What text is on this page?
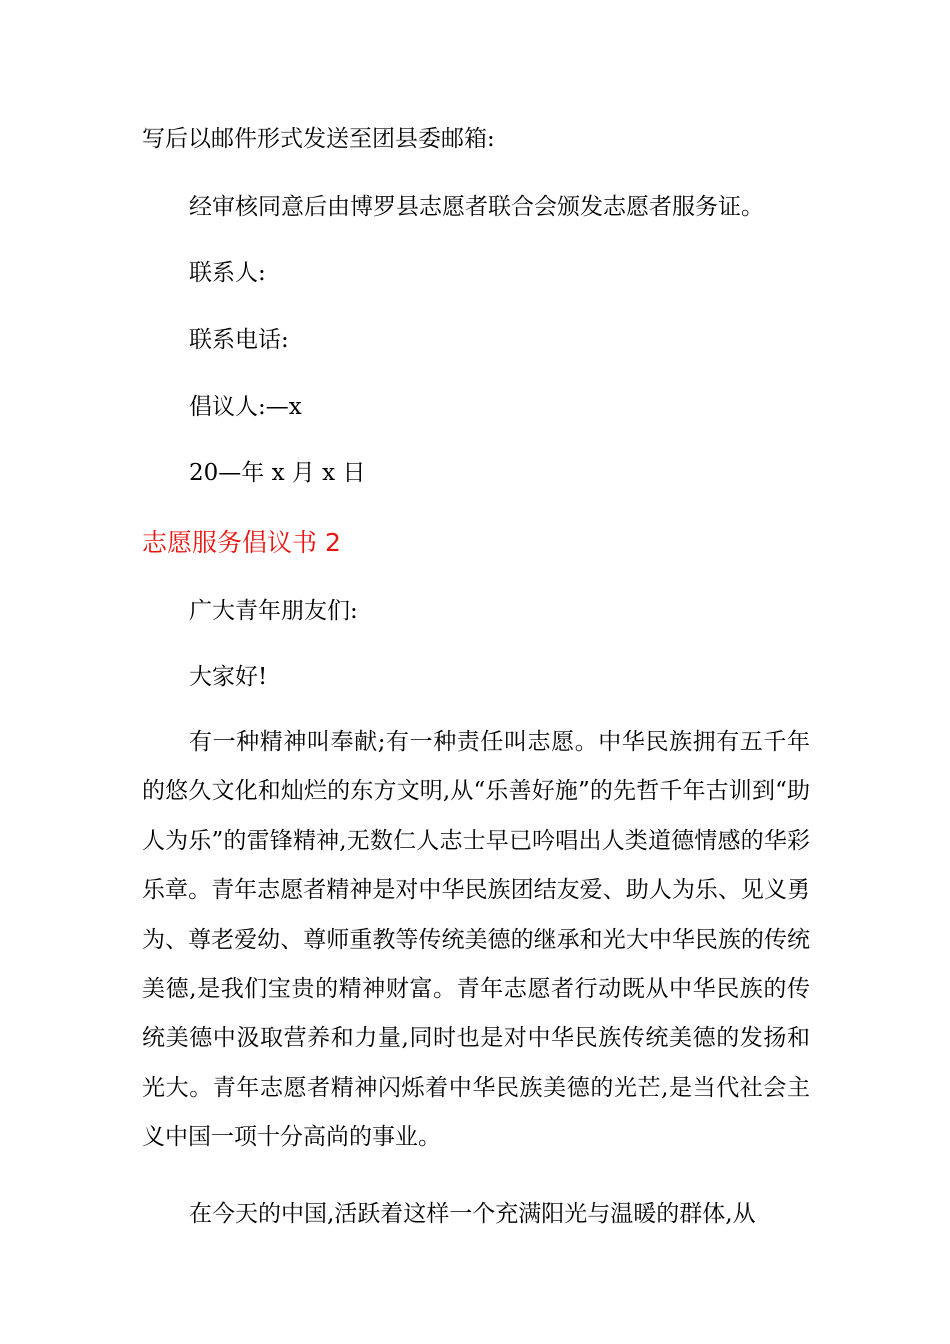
写后以邮件形式发送至团县委邮箱:
经审核同意后由博罗县志愿者联合会颁发志愿者服务证。
联系人:
联系电话:
倡议人:—x
20—年 x 月 x 日
志愿服务倡议书 2
广大青年朋友们:
大家好!

有一种精神叫奉献;有一种责任叫志愿。中华民族拥有五千年的悠久文化和灿烂的东方文明,从“乐善好施”的先哲千年古训到“助人为乐”的雷锋精神,无数仁人志士早已吟唱出人类道德情感的华彩乐章。青年志愿者精神是对中华民族团结友爱、助人为乐、见义勇为、尊老爱幼、尊师重教等传统美德的继承和光大中华民族的传统美德,是我们宝贵的精神财富。青年志愿者行动既从中华民族的传统美德中汲取营养和力量,同时也是对中华民族传统美德的发扬和光大。青年志愿者精神闪烁着中华民族美德的光芒,是当代社会主义中国一项十分高尚的事业。

在今天的中国,活跃着这样一个充满阳光与温暖的群体,从
